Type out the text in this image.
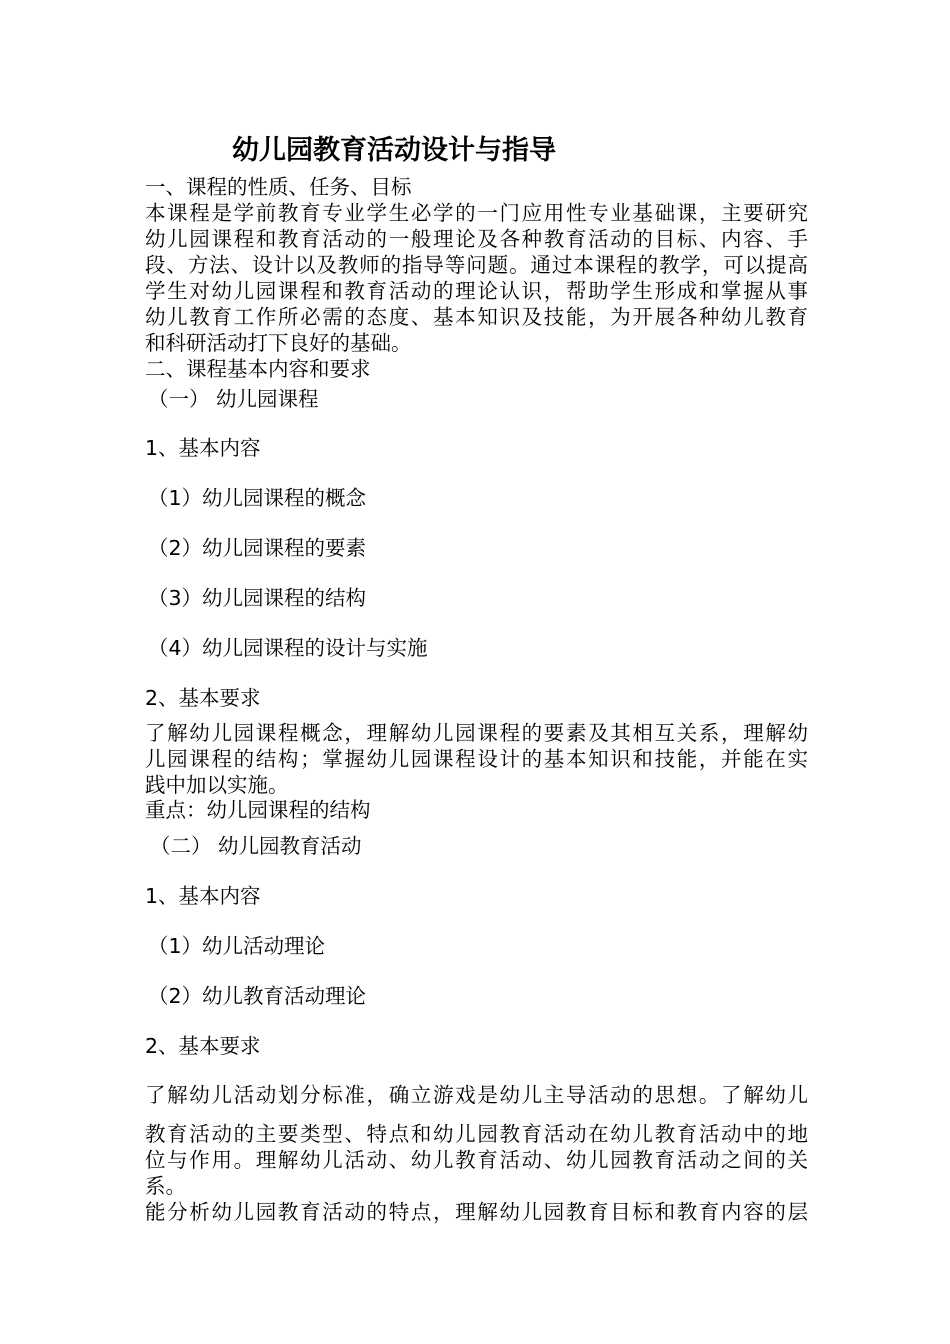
幼儿园教育活动设计与指导
一、课程的性质、任务、目标
本课程是学前教育专业学生必学的一门应用性专业基础课，主要研究
幼儿园课程和教育活动的一般理论及各种教育活动的目标、内容、手
段、方法、设计以及教师的指导等问题。通过本课程的教学，可以提高
学生对幼儿园课程和教育活动的理论认识，帮助学生形成和掌握从事
幼儿教育工作所必需的态度、基本知识及技能，为开展各种幼儿教育
和科研活动打下良好的基础。
二、课程基本内容和要求
（一） 幼儿园课程
1、基本内容
（1）幼儿园课程的概念
（2）幼儿园课程的要素
（3）幼儿园课程的结构
（4）幼儿园课程的设计与实施
2、基本要求
了解幼儿园课程概念，理解幼儿园课程的要素及其相互关系，理解幼
儿园课程的结构；掌握幼儿园课程设计的基本知识和技能，并能在实
践中加以实施。
重点：幼儿园课程的结构
（二） 幼儿园教育活动
1、基本内容
（1）幼儿活动理论
（2）幼儿教育活动理论
2、基本要求
了解幼儿活动划分标准，确立游戏是幼儿主导活动的思想。了解幼儿
教育活动的主要类型、特点和幼儿园教育活动在幼儿教育活动中的地
位与作用。理解幼儿活动、幼儿教育活动、幼儿园教育活动之间的关
系。
能分析幼儿园教育活动的特点，理解幼儿园教育目标和教育内容的层
